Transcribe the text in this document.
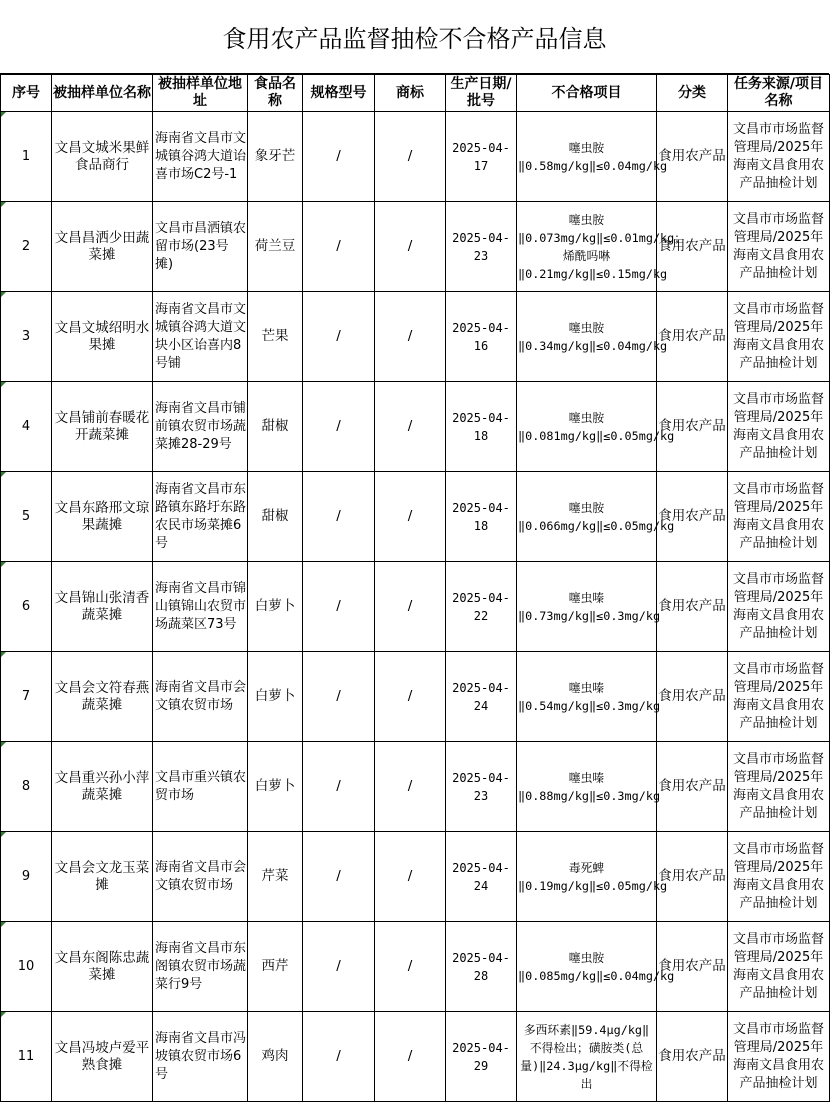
食用农产品监督抽检不合格产品信息
序号	被抽样单位名称	被抽样单位地址	食品名称	规格型号	商标	生产日期/批号	不合格项目	分类	任务来源/项目名称
1	文昌文城米果鲜食品商行	海南省文昌市文城镇谷鸿大道诒喜市场C2号-1	象牙芒	/	/	2025-04-17	噻虫胺‖0.58mg/kg‖≤0.04mg/kg	食用农产品	文昌市市场监督管理局/2025年海南文昌食用农产品抽检计划
2	文昌昌洒少田蔬菜摊	文昌市昌洒镇农留市场(23号摊)	荷兰豆	/	/	2025-04-23	噻虫胺‖0.073mg/kg‖≤0.01mg/kg；烯酰吗啉‖0.21mg/kg‖≤0.15mg/kg	食用农产品	文昌市市场监督管理局/2025年海南文昌食用农产品抽检计划
3	文昌文城绍明水果摊	海南省文昌市文城镇谷鸿大道文块小区诒喜内8号铺	芒果	/	/	2025-04-16	噻虫胺‖0.34mg/kg‖≤0.04mg/kg	食用农产品	文昌市市场监督管理局/2025年海南文昌食用农产品抽检计划
4	文昌铺前春暖花开蔬菜摊	海南省文昌市铺前镇农贸市场蔬菜摊28-29号	甜椒	/	/	2025-04-18	噻虫胺‖0.081mg/kg‖≤0.05mg/kg	食用农产品	文昌市市场监督管理局/2025年海南文昌食用农产品抽检计划
5	文昌东路邢文琼果蔬摊	海南省文昌市东路镇东路圩东路农民市场菜摊6号	甜椒	/	/	2025-04-18	噻虫胺‖0.066mg/kg‖≤0.05mg/kg	食用农产品	文昌市市场监督管理局/2025年海南文昌食用农产品抽检计划
6	文昌锦山张清香蔬菜摊	海南省文昌市锦山镇锦山农贸市场蔬菜区73号	白萝卜	/	/	2025-04-22	噻虫嗪‖0.73mg/kg‖≤0.3mg/kg	食用农产品	文昌市市场监督管理局/2025年海南文昌食用农产品抽检计划
7	文昌会文符春燕蔬菜摊	海南省文昌市会文镇农贸市场	白萝卜	/	/	2025-04-24	噻虫嗪‖0.54mg/kg‖≤0.3mg/kg	食用农产品	文昌市市场监督管理局/2025年海南文昌食用农产品抽检计划
8	文昌重兴孙小萍蔬菜摊	文昌市重兴镇农贸市场	白萝卜	/	/	2025-04-23	噻虫嗪‖0.88mg/kg‖≤0.3mg/kg	食用农产品	文昌市市场监督管理局/2025年海南文昌食用农产品抽检计划
9	文昌会文龙玉菜摊	海南省文昌市会文镇农贸市场	芹菜	/	/	2025-04-24	毒死蜱‖0.19mg/kg‖≤0.05mg/kg	食用农产品	文昌市市场监督管理局/2025年海南文昌食用农产品抽检计划
10	文昌东阁陈忠蔬菜摊	海南省文昌市东阁镇农贸市场蔬菜行9号	西芹	/	/	2025-04-28	噻虫胺‖0.085mg/kg‖≤0.04mg/kg	食用农产品	文昌市市场监督管理局/2025年海南文昌食用农产品抽检计划
11	文昌冯坡卢爱平熟食摊	海南省文昌市冯坡镇农贸市场6号	鸡肉	/	/	2025-04-29	多西环素‖59.4μg/kg‖不得检出；磺胺类(总量)‖24.3μg/kg‖不得检出	食用农产品	文昌市市场监督管理局/2025年海南文昌食用农产品抽检计划
